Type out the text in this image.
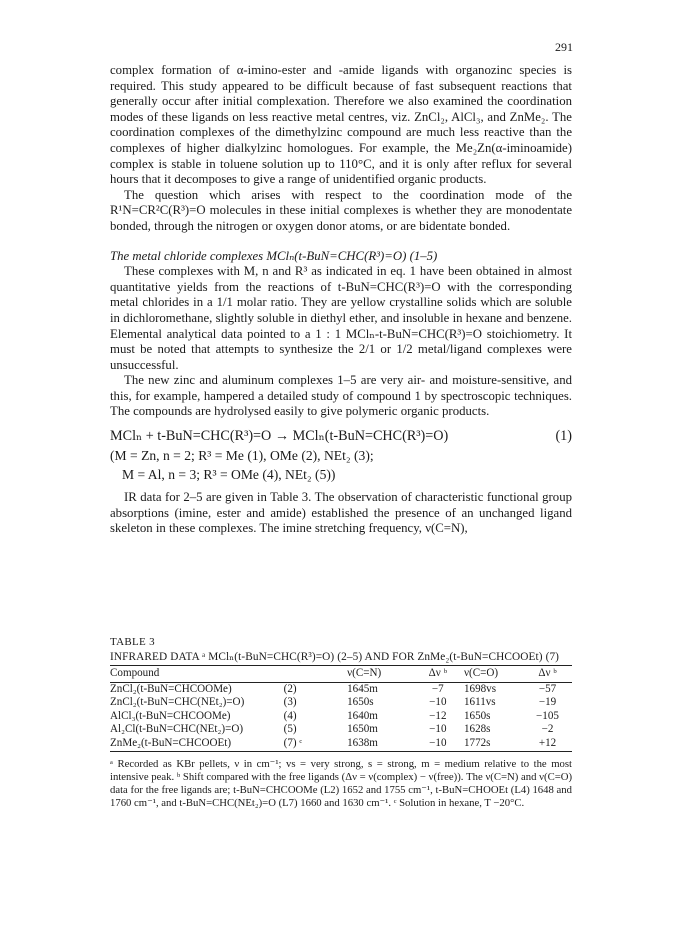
291

complex formation of α-imino-ester and -amide ligands with organozinc species is required. This study appeared to be difficult because of fast subsequent reactions that generally occur after initial complexation. Therefore we also examined the coordination modes of these ligands on less reactive metal centres, viz. ZnCl₂, AlCl₃, and ZnMe₂. The coordination complexes of the dimethylzinc compound are much less reactive than the complexes of higher dialkylzinc homologues. For example, the Me₂Zn(α-iminoamide) complex is stable in toluene solution up to 110°C, and it is only after reflux for several hours that it decomposes to give a range of unidentified organic products.

The question which arises with respect to the coordination mode of the R¹N=CR²C(R³)=O molecules in these initial complexes is whether they are monodentate bonded, through the nitrogen or oxygen donor atoms, or are bidentate bonded.

The metal chloride complexes MClₙ(t-BuN=CHC(R³)=O) (1–5)

These complexes with M, n and R³ as indicated in eq. 1 have been obtained in almost quantitative yields from the reactions of t-BuN=CHC(R³)=O with the corresponding metal chlorides in a 1/1 molar ratio. They are yellow crystalline solids which are soluble in dichloromethane, slightly soluble in diethyl ether, and insoluble in hexane and benzene. Elemental analytical data pointed to a 1 : 1 MClₙ-t-BuN=CHC(R³)=O stoichiometry. It must be noted that attempts to synthesize the 2/1 or 1/2 metal/ligand complexes were unsuccessful.

The new zinc and aluminum complexes 1–5 are very air- and moisture-sensitive, and this, for example, hampered a detailed study of compound 1 by spectroscopic techniques. The compounds are hydrolysed easily to give polymeric organic products.

MClₙ + t-BuN=CHC(R³)=O → MClₙ(t-BuN=CHC(R³)=O)	(1)
(M = Zn, n = 2; R³ = Me (1), OMe (2), NEt₂ (3);
M = Al, n = 3; R³ = OMe (4), NEt₂ (5))

IR data for 2–5 are given in Table 3. The observation of characteristic functional group absorptions (imine, ester and amide) established the presence of an unchanged ligand skeleton in these complexes. The imine stretching frequency, ν(C=N),

TABLE 3
INFRARED DATA ᵃ MClₙ(t-BuN=CHC(R³)=O) (2–5) AND FOR ZnMe₂(t-BuN=CHCOOEt) (7)
Compound		ν(C=N)	Δν ᵇ	ν(C=O)	Δν ᵇ
ZnCl₂(t-BuN=CHCOOMe)	(2)	1645m	−7	1698vs	−57
ZnCl₂(t-BuN=CHC(NEt₂)=O)	(3)	1650s	−10	1611vs	−19
AlCl₃(t-BuN=CHCOOMe)	(4)	1640m	−12	1650s	−105
Al₂Cl(t-BuN=CHC(NEt₂)=O)	(5)	1650m	−10	1628s	−2
ZnMe₂(t-BuN=CHCOOEt)	(7) ᶜ	1638m	−10	1772s	+12
ᵃ Recorded as KBr pellets, ν in cm⁻¹; vs = very strong, s = strong, m = medium relative to the most intensive peak. ᵇ Shift compared with the free ligands (Δν = ν(complex) − ν(free)). The ν(C=N) and ν(C=O) data for the free ligands are; t-BuN=CHCOOMe (L2) 1652 and 1755 cm⁻¹, t-BuN=CHOOEt (L4) 1648 and 1760 cm⁻¹, and t-BuN=CHC(NEt₂)=O (L7) 1660 and 1630 cm⁻¹. ᶜ Solution in hexane, T −20°C.
